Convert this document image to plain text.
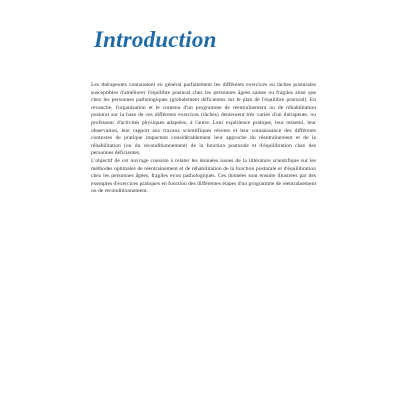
Introduction

Les thérapeutes connaissent en général parfaitement les différents exercices ou tâches posturales susceptibles d'améliorer l'équilibre postural chez les personnes âgées saines ou fragiles ainsi que chez les personnes pathologiques (globalement déficientes sur le plan de l'équilibre postural). En revanche, l'organisation et le contenu d'un programme de réentraînement ou de réhabilitation postural sur la base de ces différents exercices (tâches) demeurent très variés d'un thérapeute, ou professeur d'activités physiques adaptées, à l'autre. Leur expérience pratique, leur ressenti, leur observation, leur rapport aux travaux scientifiques récents et leur connaissance des différents contextes de pratique impactent considérablement leur approche du réentraînement et de la réhabilitation (ou du reconditionnement) de la fonction posturale et d'équilibration chez des personnes déficientes.

L'objectif de cet ouvrage consiste à relater les données issues de la littérature scientifique sur les méthodes optimales de réentraînement et de réhabilitation de la fonction posturale et d'équilibration chez les personnes âgées, fragiles et/ou pathologiques. Ces données sont ensuite illustrées par des exemples d'exercices pratiques en fonction des différentes étapes d'un programme de réentraînement ou de reconditionnement.
